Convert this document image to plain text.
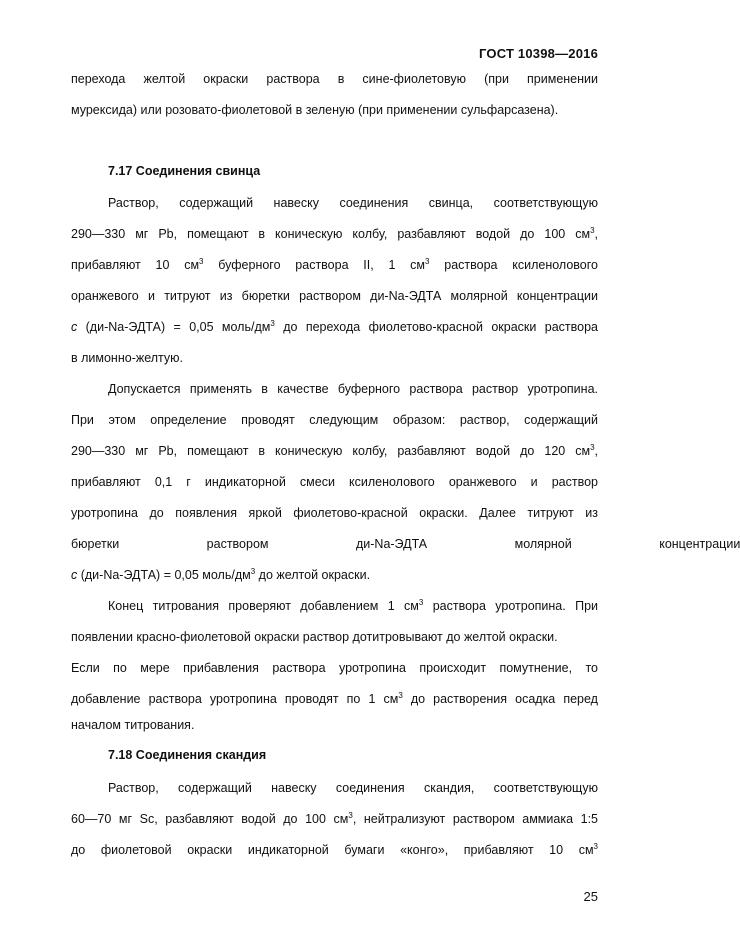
ГОСТ 10398—2016
перехода желтой окраски раствора в сине-фиолетовую (при применении
мурексида) или розовато-фиолетовой в зеленую (при применении сульфарсазена).
7.17 Соединения свинца
Раствор, содержащий навеску соединения свинца, соответствующую
290—330 мг Pb, помещают в коническую колбу, разбавляют водой до 100 $см^3$,
прибавляют 10 $см^3$ буферного раствора II, 1 $см^3$ раствора ксиленолового
оранжевого и титруют из бюретки раствором ди-Na-ЭДТА молярной концентрации
c (ди-Na-ЭДТА) = 0,05 моль/$дм^3$ до перехода фиолетово-красной окраски раствора
в лимонно-желтую.
Допускается применять в качестве буферного раствора раствор уротропина.
При этом определение проводят следующим образом: раствор, содержащий
290—330 мг Pb, помещают в коническую колбу, разбавляют водой до 120 $см^3$,
прибавляют 0,1 г индикаторной смеси ксиленолового оранжевого и раствор
уротропина до появления яркой фиолетово-красной окраски. Далее титруют из
бюретки раствором ди-Na-ЭДТА молярной концентрации
c (ди-Na-ЭДТА) = 0,05 моль/$дм^3$ до желтой окраски.
Конец титрования проверяют добавлением 1 $см^3$ раствора уротропина. При
появлении красно-фиолетовой окраски раствор дотитровывают до желтой окраски.
Если по мере прибавления раствора уротропина происходит помутнение, то
добавление раствора уротропина проводят по 1 $см^3$ до растворения осадка перед
началом титрования.
7.18 Соединения скандия
Раствор, содержащий навеску соединения скандия, соответствующую
60—70 мг Sc, разбавляют водой до 100 $см^3$, нейтрализуют раствором аммиака 1:5
до фиолетовой окраски индикаторной бумаги «конго», прибавляют 10 $см^3$
25
